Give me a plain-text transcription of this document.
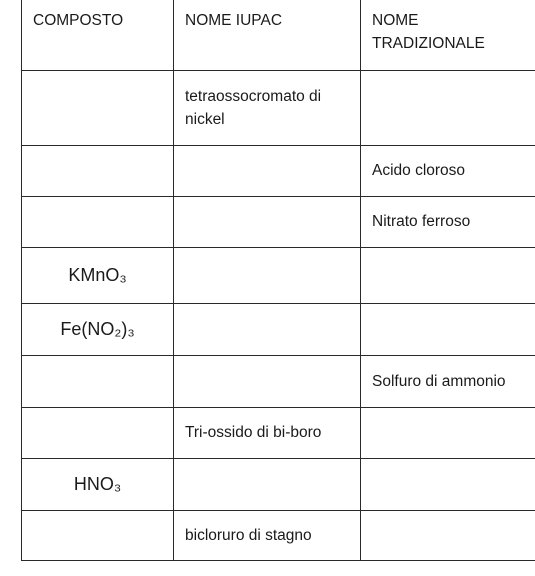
COMPOSTO	NOME IUPAC	NOME TRADIZIONALE

	tetraossocromato di nickel	

		Acido cloroso
		Nitrato ferroso
KMnO₃		
Fe(NO₂)₃		
		Solfuro di ammonio
	Tri-ossido di bi-boro	
HNO₃		
	bicloruro di stagno	
